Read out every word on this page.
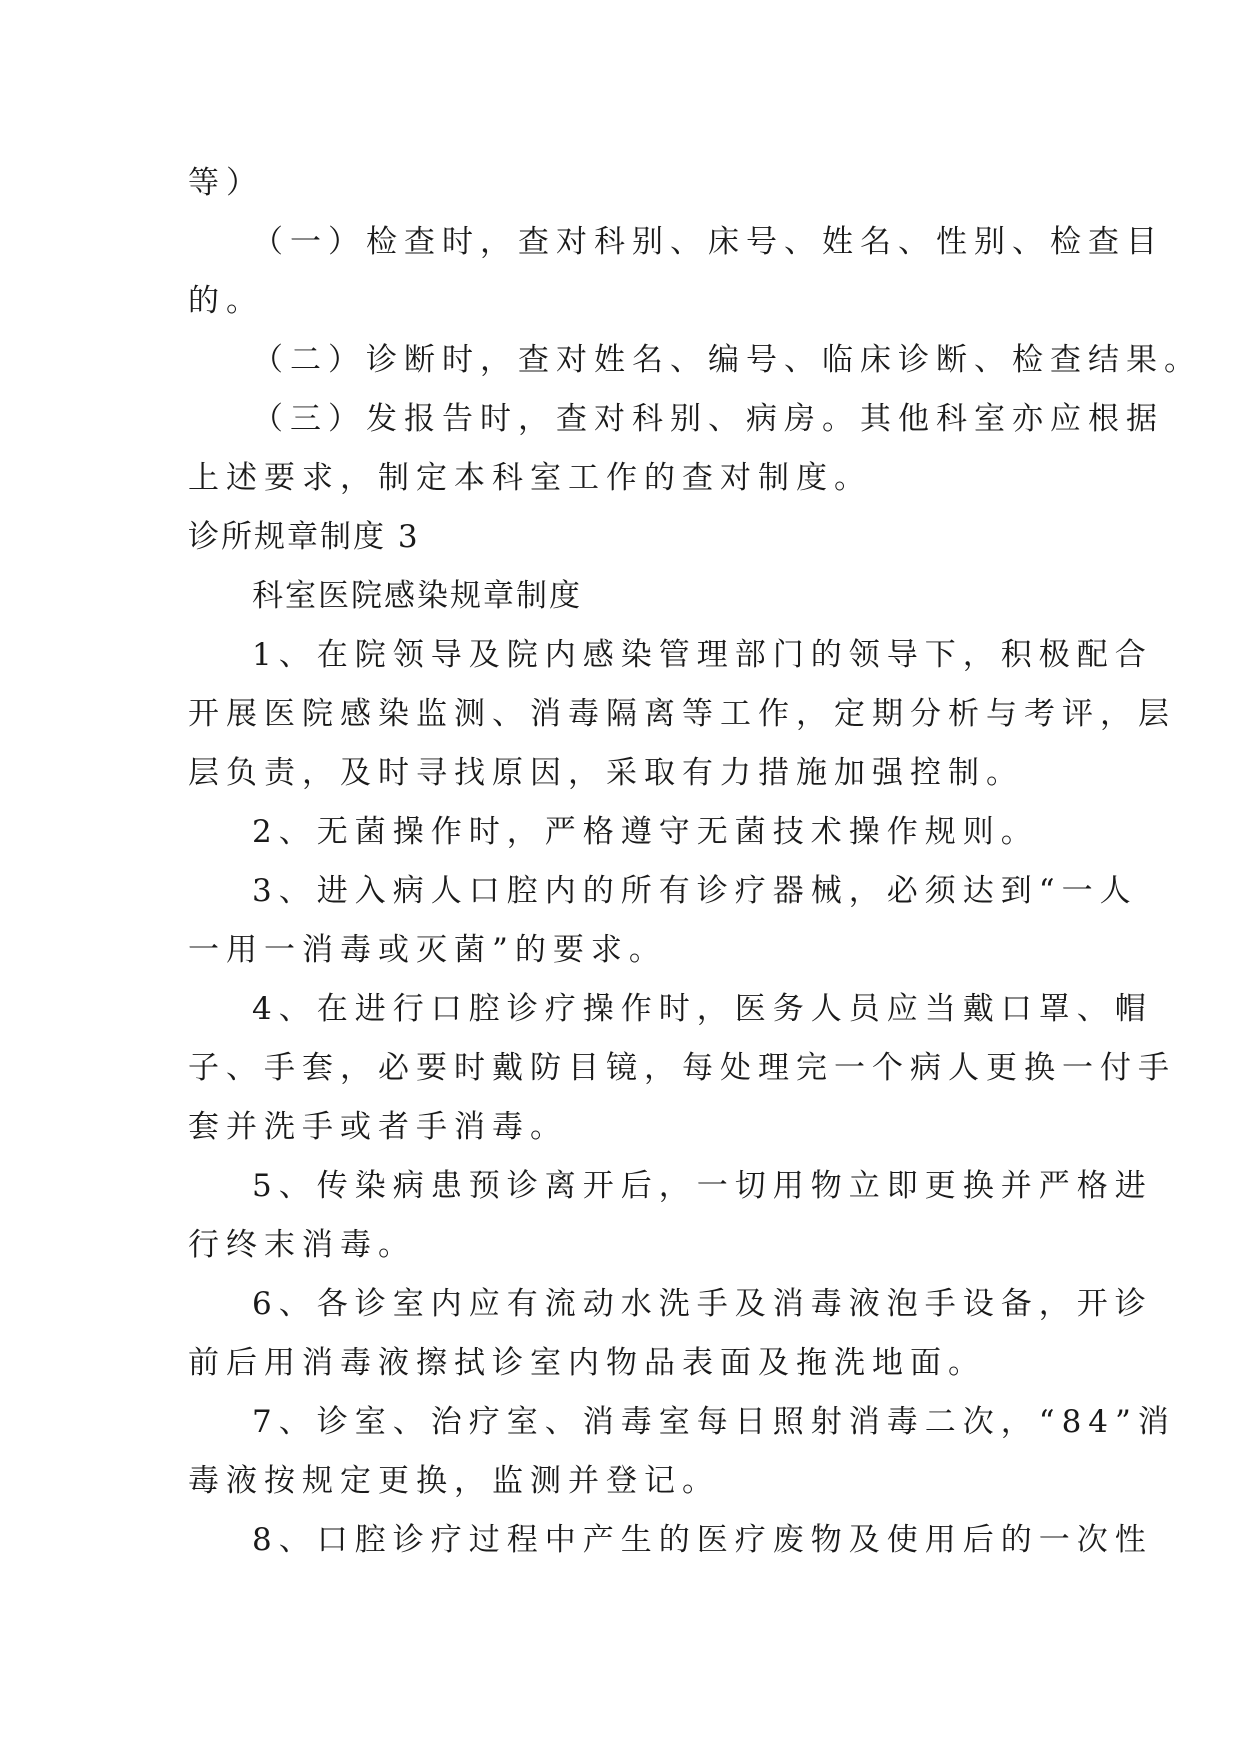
等）
（一）检查时，查对科别、床号、姓名、性别、检查目
的。
（二）诊断时，查对姓名、编号、临床诊断、检查结果。
（三）发报告时，查对科别、病房。其他科室亦应根据
上述要求，制定本科室工作的查对制度。
诊所规章制度 3
科室医院感染规章制度
1、在院领导及院内感染管理部门的领导下，积极配合
开展医院感染监测、消毒隔离等工作，定期分析与考评，层
层负责，及时寻找原因，采取有力措施加强控制。
2、无菌操作时，严格遵守无菌技术操作规则。
3、进入病人口腔内的所有诊疗器械，必须达到“一人
一用一消毒或灭菌”的要求。
4、在进行口腔诊疗操作时，医务人员应当戴口罩、帽
子、手套，必要时戴防目镜，每处理完一个病人更换一付手
套并洗手或者手消毒。
5、传染病患预诊离开后，一切用物立即更换并严格进
行终末消毒。
6、各诊室内应有流动水洗手及消毒液泡手设备，开诊
前后用消毒液擦拭诊室内物品表面及拖洗地面。
7、诊室、治疗室、消毒室每日照射消毒二次，“84”消
毒液按规定更换，监测并登记。
8、口腔诊疗过程中产生的医疗废物及使用后的一次性
